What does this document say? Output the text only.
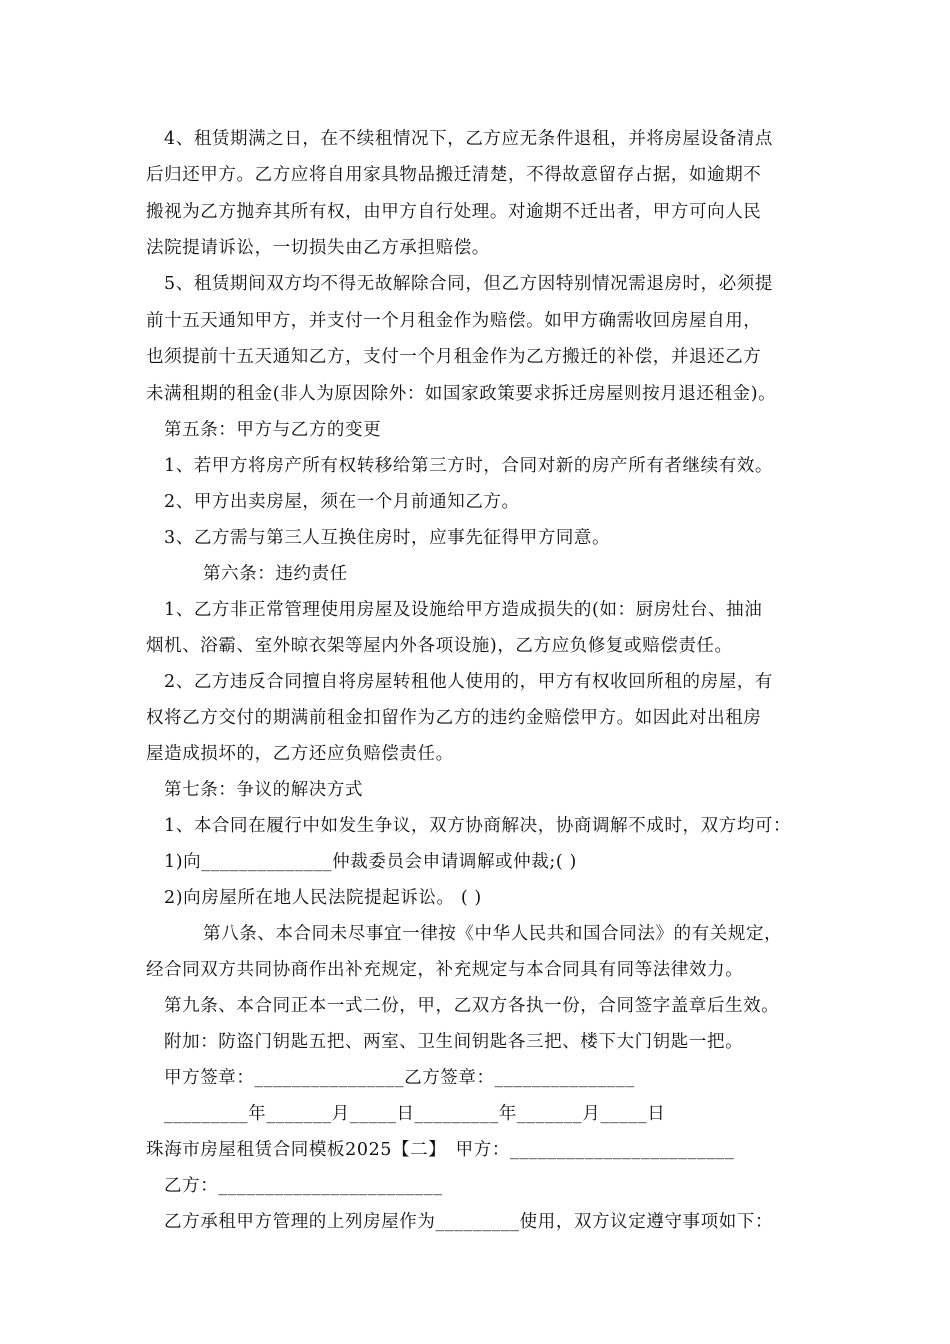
4、租赁期满之日，在不续租情况下，乙方应无条件退租，并将房屋设备清点
后归还甲方。乙方应将自用家具物品搬迁清楚，不得故意留存占据，如逾期不
搬视为乙方抛弃其所有权，由甲方自行处理。对逾期不迁出者，甲方可向人民
法院提请诉讼，一切损失由乙方承担赔偿。
5、租赁期间双方均不得无故解除合同，但乙方因特别情况需退房时，必须提
前十五天通知甲方，并支付一个月租金作为赔偿。如甲方确需收回房屋自用，
也须提前十五天通知乙方，支付一个月租金作为乙方搬迁的补偿，并退还乙方
未满租期的租金(非人为原因除外：如国家政策要求拆迁房屋则按月退还租金)。
第五条：甲方与乙方的变更
1、若甲方将房产所有权转移给第三方时，合同对新的房产所有者继续有效。
2、甲方出卖房屋，须在一个月前通知乙方。
3、乙方需与第三人互换住房时，应事先征得甲方同意。
第六条：违约责任
1、乙方非正常管理使用房屋及设施给甲方造成损失的(如：厨房灶台、抽油
烟机、浴霸、室外晾衣架等屋内外各项设施)，乙方应负修复或赔偿责任。
2、乙方违反合同擅自将房屋转租他人使用的，甲方有权收回所租的房屋，有
权将乙方交付的期满前租金扣留作为乙方的违约金赔偿甲方。如因此对出租房
屋造成损坏的，乙方还应负赔偿责任。
第七条：争议的解决方式
1、本合同在履行中如发生争议，双方协商解决，协商调解不成时，双方均可：
1)向______________仲裁委员会申请调解或仲裁;( )
2)向房屋所在地人民法院提起诉讼。 ( )
第八条、本合同未尽事宜一律按《中华人民共和国合同法》的有关规定，
经合同双方共同协商作出补充规定，补充规定与本合同具有同等法律效力。
第九条、本合同正本一式二份，甲，乙双方各执一份，合同签字盖章后生效。
附加：防盗门钥匙五把、两室、卫生间钥匙各三把、楼下大门钥匙一把。
甲方签章：________________乙方签章：_______________
_________年_______月_____日_________年_______月_____日
珠海市房屋租赁合同模板2025【二】　甲方：________________________
乙方：________________________
乙方承租甲方管理的上列房屋作为_________使用，双方议定遵守事项如下：
